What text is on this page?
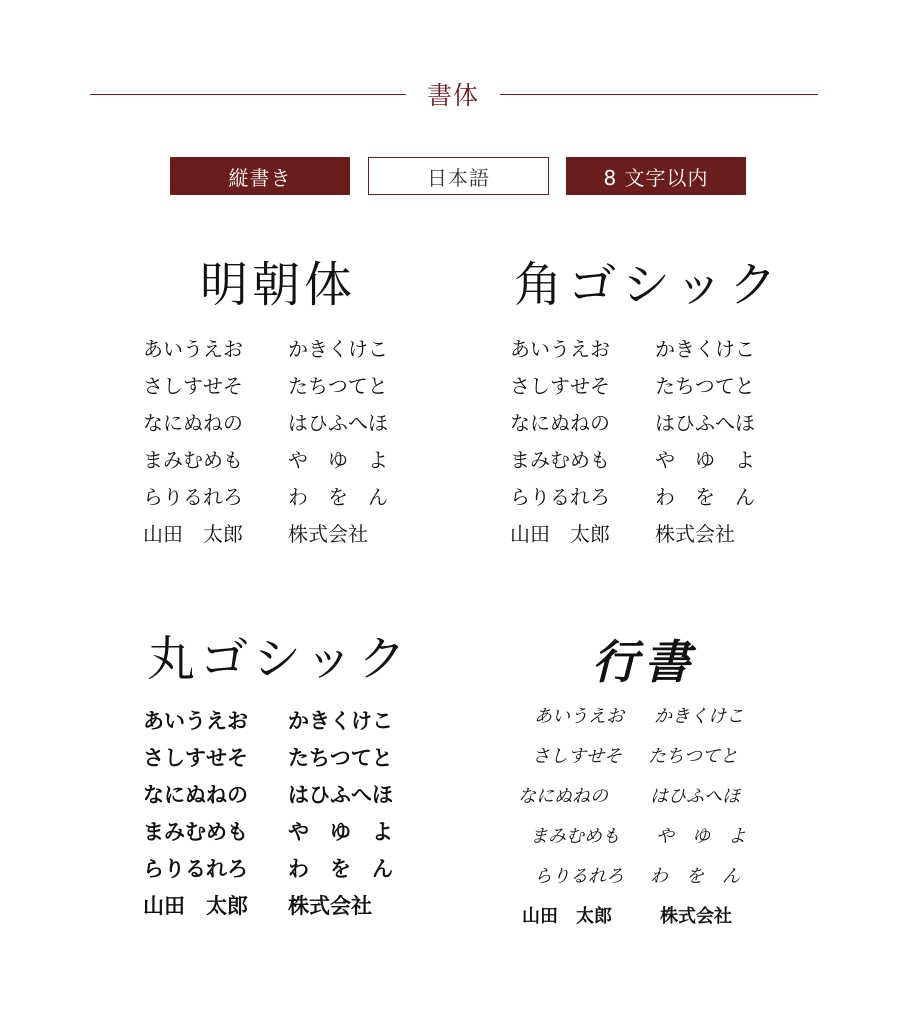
書体
縦書き	日本語	8 文字以内
明朝体
あいうえお	かきくけこ
さしすせそ	たちつてと
なにぬねの	はひふへほ
まみむめも	や　ゆ　よ
らりるれろ	わ　を　ん
山田　太郎	株式会社
角ゴシック
あいうえお	かきくけこ
さしすせそ	たちつてと
なにぬねの	はひふへほ
まみむめも	や　ゆ　よ
らりるれろ	わ　を　ん
山田　太郎	株式会社
丸ゴシック
あいうえお	かきくけこ
さしすせそ	たちつてと
なにぬねの	はひふへほ
まみむめも	や　ゆ　よ
らりるれろ	わ　を　ん
山田　太郎	株式会社
行書
あいうえお	かきくけこ
さしすせそ	たちつてと
なにぬねの	はひふへほ
まみむめも	や　ゆ　よ
らりるれろ	わ　を　ん
山田　太郎	株式会社
